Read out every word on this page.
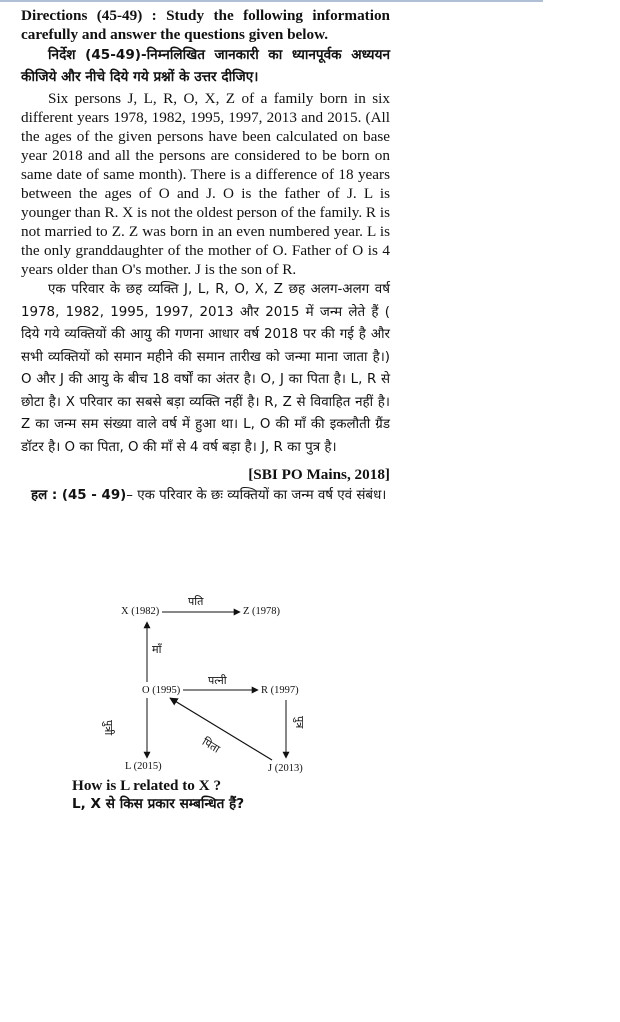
Directions (45-49) : Study the following information carefully and answer the questions given below.

निर्देश (45-49)-निम्नलिखित जानकारी का ध्यानपूर्वक अध्ययन कीजिये और नीचे दिये गये प्रश्नों के उत्तर दीजिए।

Six persons J, L, R, O, X, Z of a family born in six different years 1978, 1982, 1995, 1997, 2013 and 2015. (All the ages of the given persons have been calculated on base year 2018 and all the persons are considered to be born on same date of same month). There is a difference of 18 years between the ages of O and J. O is the father of J. L is younger than R. X is not the oldest person of the family. R is not married to Z. Z was born in an even numbered year. L is the only granddaughter of the mother of O. Father of O is 4 years older than O's mother. J is the son of R.

एक परिवार के छह व्यक्ति J, L, R, O, X, Z छह अलग-अलग वर्ष 1978, 1982, 1995, 1997, 2013 और 2015 में जन्म लेते हैं ( दिये गये व्यक्तियों की आयु की गणना आधार वर्ष 2018 पर की गई है और सभी व्यक्तियों को समान महीने की समान तारीख को जन्मा माना जाता है।) O और J की आयु के बीच 18 वर्षों का अंतर है। O, J का पिता है। L, R से छोटा है। X परिवार का सबसे बड़ा व्यक्ति नहीं है। R, Z से विवाहित नहीं है। Z का जन्म सम संख्या वाले वर्ष में हुआ था। L, O की माँ की इकलौती ग्रैंड डॉटर है। O का पिता, O की माँ से 4 वर्ष बड़ा है। J, R का पुत्र है।

[SBI PO Mains, 2018]

हल : (45 - 49)– एक परिवार के छः व्यक्तियों का जन्म वर्ष एवं संबंध।

X (1982)	Z (1978)
O (1995)	R (1997)
L (2015)	J (2013)
पति
माँ
पत्नी
पुत्री	पुत्र
पिता
How is L related to X ?
L, X से किस प्रकार सम्बन्धित हैं?
